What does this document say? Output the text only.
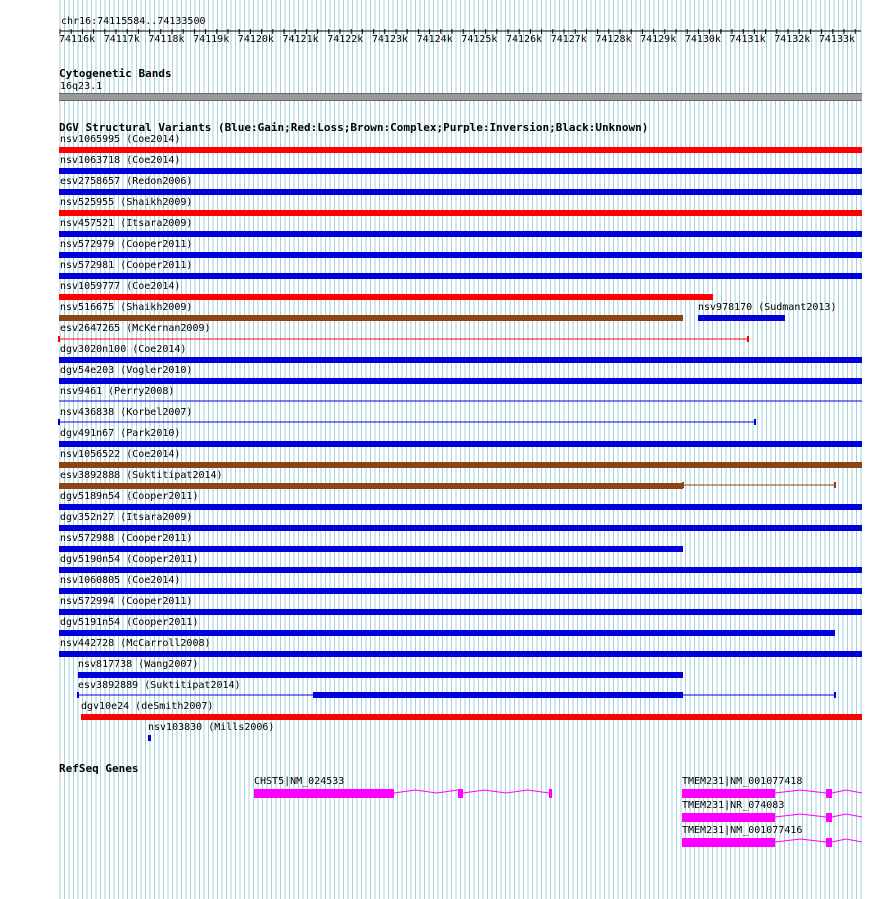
chr16:74115584..74133500
74116k 74117k 74118k 74119k 74120k 74121k 74122k 74123k 74124k 74125k 74126k 74127k 74128k 74129k 74130k 74131k 74132k 74133k
Cytogenetic Bands
16q23.1
DGV Structural Variants (Blue:Gain;Red:Loss;Brown:Complex;Purple:Inversion;Black:Unknown)
nsv1065995 (Coe2014)
nsv1063718 (Coe2014)
esv2758657 (Redon2006)
nsv525955 (Shaikh2009)
nsv457521 (Itsara2009)
nsv572979 (Cooper2011)
nsv572981 (Cooper2011)
nsv1059777 (Coe2014)
nsv516675 (Shaikh2009)	nsv978170 (Sudmant2013)
esv2647265 (McKernan2009)
dgv3020n100 (Coe2014)
dgv54e203 (Vogler2010)
nsv9461 (Perry2008)
nsv436838 (Korbel2007)
dgv491n67 (Park2010)
nsv1056522 (Coe2014)
esv3892888 (Suktitipat2014)
dgv5189n54 (Cooper2011)
dgv352n27 (Itsara2009)
nsv572988 (Cooper2011)
dgv5190n54 (Cooper2011)
nsv1060805 (Coe2014)
nsv572994 (Cooper2011)
dgv5191n54 (Cooper2011)
nsv442728 (McCarroll2008)
nsv817738 (Wang2007)
esv3892889 (Suktitipat2014)
dgv10e24 (deSmith2007)
nsv103830 (Mills2006)
RefSeq Genes
CHST5|NM_024533	TMEM231|NM_001077418
TMEM231|NR_074083
TMEM231|NM_001077416
